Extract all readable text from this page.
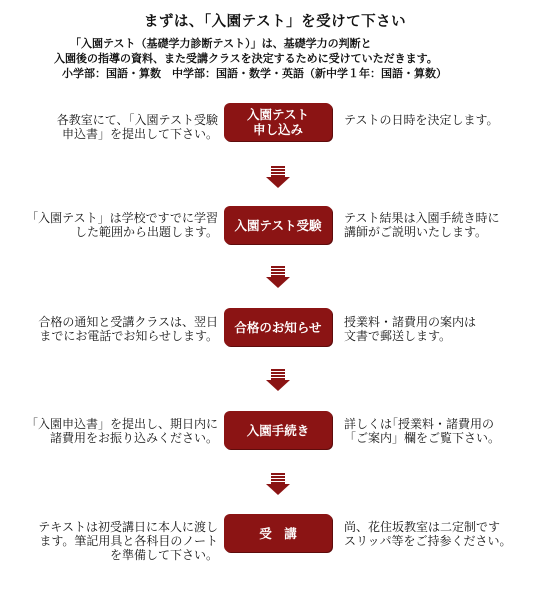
まずは、「入園テスト」を受けて下さい
「入園テスト（基礎学力診断テスト）」は、基礎学力の判断と
入園後の指導の資料、また受講クラスを決定するために受けていただきます。
小学部：国語・算数　中学部：国語・数学・英語（新中学１年：国語・算数）
各教室にて、「入園テスト受験
申込書」を提出して下さい。
入園テスト
申し込み
テストの日時を決定します。
「入園テスト」は学校ですでに学習
した範囲から出題します。 入園テスト受験 テスト結果は入園手続き時に
講師がご説明いたします。
合格の通知と受講クラスは、翌日
までにお電話でお知らせします。
合格のお知らせ 授業料・諸費用の案内は
文書で郵送します。
「入園申込書」を提出し、期日内に
諸費用をお振り込みください。
入園手続き	詳しくは｢授業料・諸費用の
「ご案内」欄をご覧下さい。
テキストは初受講日に本人に渡し
ます。筆記用具と各科目のノート
を準備して下さい。
受　講	尚、花住坂教室は二定制です
スリッパ等をご持参ください。
